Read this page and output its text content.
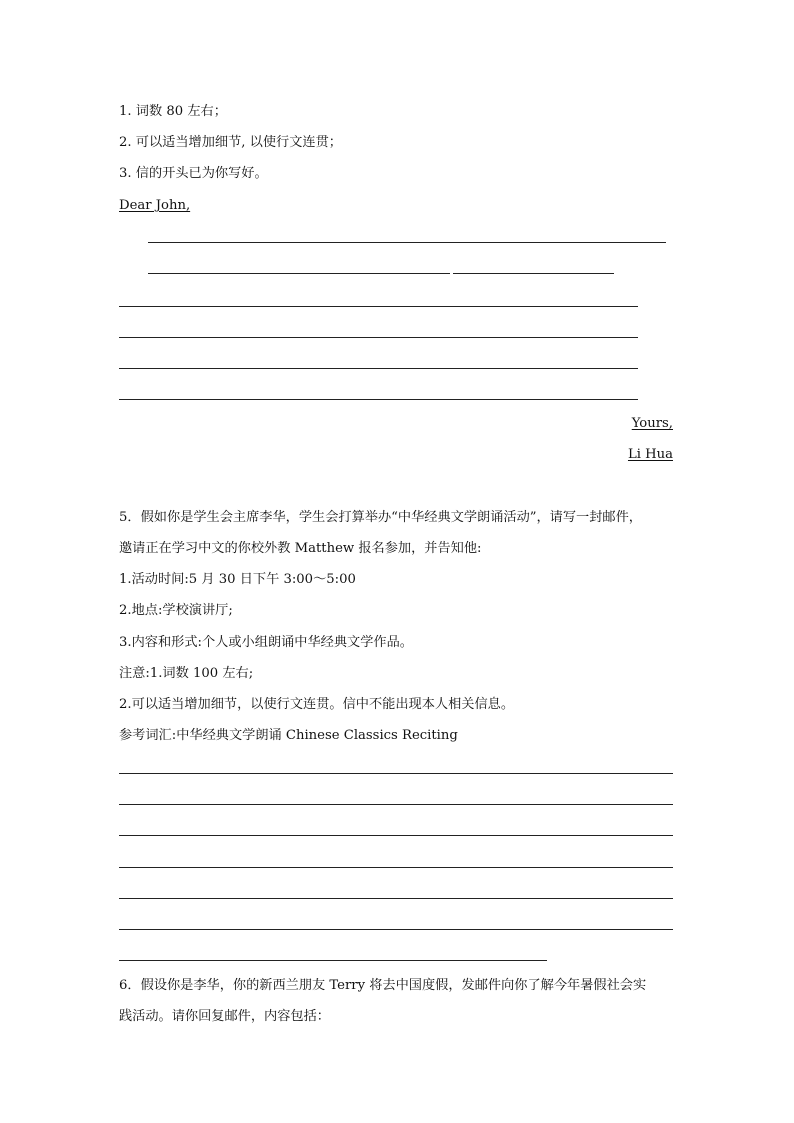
1. 词数 80 左右；
2. 可以适当增加细节, 以使行文连贯；
3. 信的开头已为你写好。
Dear John,
Yours,
Li Hua
5．假如你是学生会主席李华，学生会打算举办“中华经典文学朗诵活动”，请写一封邮件，
邀请正在学习中文的你校外教 Matthew 报名参加，并告知他:
1.活动时间:5 月 30 日下午 3:00～5:00
2.地点:学校演讲厅;
3.内容和形式:个人或小组朗诵中华经典文学作品。
注意:1.词数 100 左右;
2.可以适当增加细节，以使行文连贯。信中不能出现本人相关信息。
参考词汇:中华经典文学朗诵 Chinese Classics Reciting
6．假设你是李华，你的新西兰朋友 Terry 将去中国度假，发邮件向你了解今年暑假社会实
践活动。请你回复邮件，内容包括：
